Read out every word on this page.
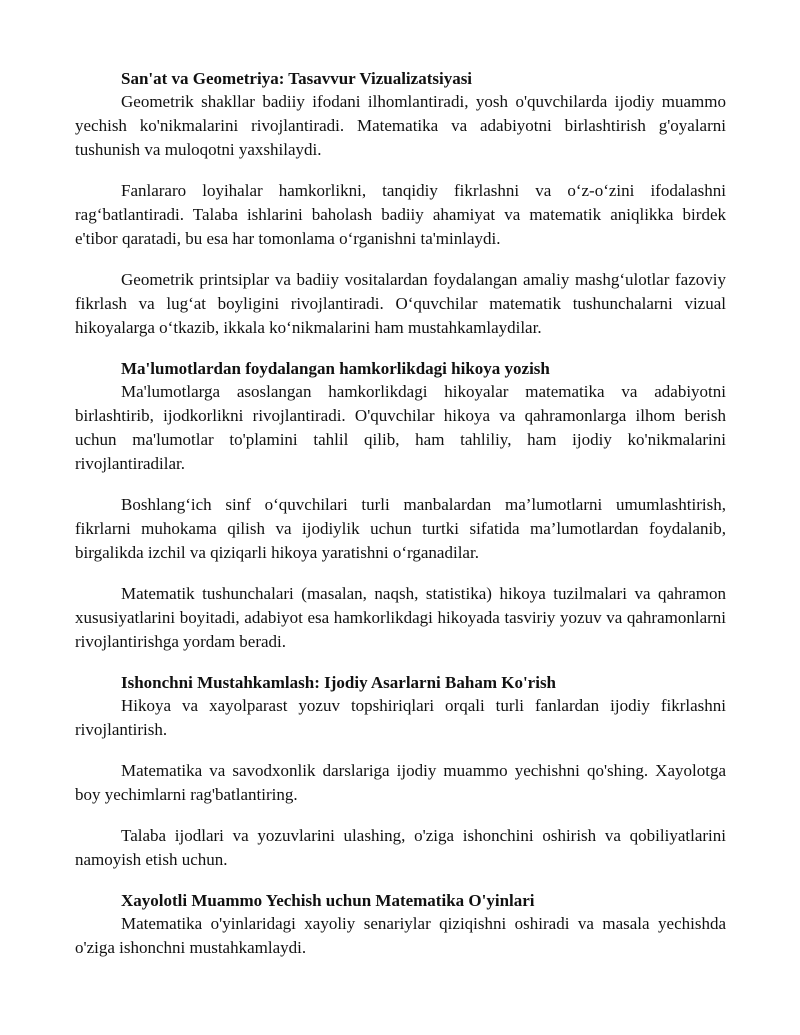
San'at va Geometriya: Tasavvur Vizualizatsiyasi

Geometrik shakllar badiiy ifodani ilhomlantiradi, yosh o'quvchilarda ijodiy muammo yechish ko'nikmalarini rivojlantiradi. Matematika va adabiyotni birlashtirish g'oyalarni tushunish va muloqotni yaxshilaydi.

Fanlararo loyihalar hamkorlikni, tanqidiy fikrlashni va o‘z-o‘zini ifodalashni rag‘batlantiradi. Talaba ishlarini baholash badiiy ahamiyat va matematik aniqlikka birdek e'tibor qaratadi, bu esa har tomonlama o‘rganishni ta'minlaydi.

Geometrik printsiplar va badiiy vositalardan foydalangan amaliy mashg‘ulotlar fazoviy fikrlash va lug‘at boyligini rivojlantiradi. O‘quvchilar matematik tushunchalarni vizual hikoyalarga o‘tkazib, ikkala ko‘nikmalarini ham mustahkamlaydilar.

Ma'lumotlardan foydalangan hamkorlikdagi hikoya yozish

Ma'lumotlarga asoslangan hamkorlikdagi hikoyalar matematika va adabiyotni birlashtirib, ijodkorlikni rivojlantiradi. O'quvchilar hikoya va qahramonlarga ilhom berish uchun ma'lumotlar to'plamini tahlil qilib, ham tahliliy, ham ijodiy ko'nikmalarini rivojlantiradilar.

Boshlang‘ich sinf o‘quvchilari turli manbalardan ma’lumotlarni umumlashtirish, fikrlarni muhokama qilish va ijodiylik uchun turtki sifatida ma’lumotlardan foydalanib, birgalikda izchil va qiziqarli hikoya yaratishni o‘rganadilar.

Matematik tushunchalari (masalan, naqsh, statistika) hikoya tuzilmalari va qahramon xususiyatlarini boyitadi, adabiyot esa hamkorlikdagi hikoyada tasviriy yozuv va qahramonlarni rivojlantirishga yordam beradi.

Ishonchni Mustahkamlash: Ijodiy Asarlarni Baham Ko'rish

Hikoya va xayolparast yozuv topshiriqlari orqali turli fanlardan ijodiy fikrlashni rivojlantirish.

Matematika va savodxonlik darslariga ijodiy muammo yechishni qo'shing. Xayolotga boy yechimlarni rag'batlantiring.

Talaba ijodlari va yozuvlarini ulashing, o'ziga ishonchini oshirish va qobiliyatlarini namoyish etish uchun.

Xayolotli Muammo Yechish uchun Matematika O'yinlari

Matematika o'yinlaridagi xayoliy senariylar qiziqishni oshiradi va masala yechishda o'ziga ishonchni mustahkamlaydi.
